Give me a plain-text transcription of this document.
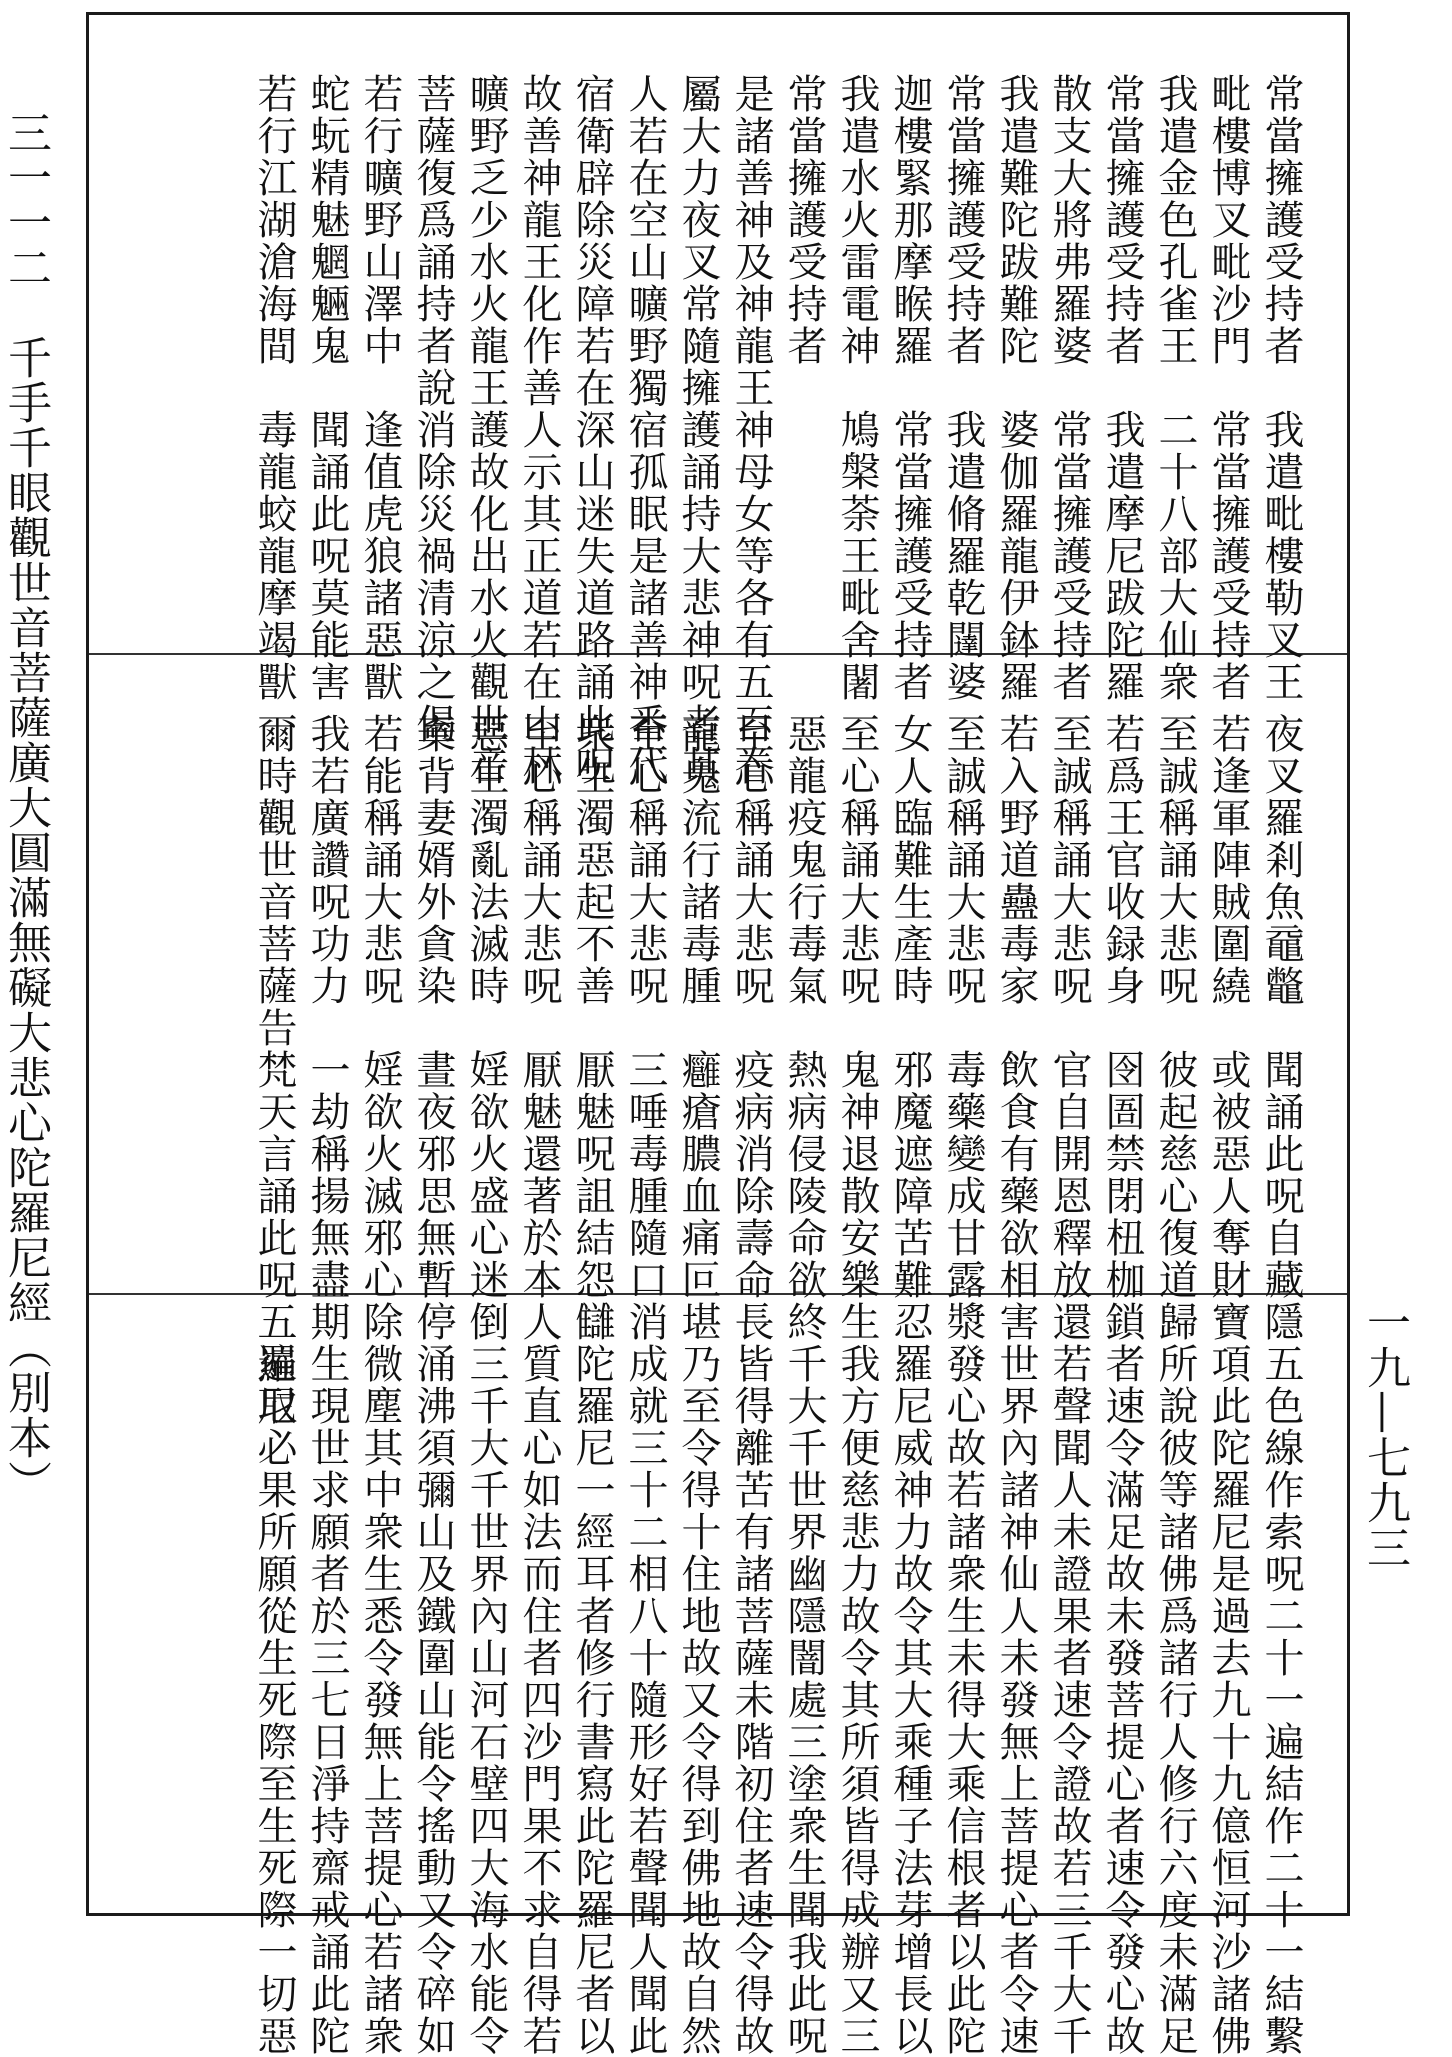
三一一二　千手千眼觀世音菩薩廣大圓滿無礙大悲心陀羅尼經（別本）	一九—七九三
常當擁護受持者　我遣毗樓勒叉王
毗樓博叉毗沙門　常當擁護受持者
我遣金色孔雀王　二十八部大仙衆
常當擁護受持者　我遣摩尼跋陀羅
散支大將弗羅婆　常當擁護受持者
我遣難陀跋難陀　婆伽羅龍伊鉢羅
常當擁護受持者　我遣脩羅乾闥婆
迦樓緊那摩睺羅　常當擁護受持者
我遣水火雷電神　鳩槃荼王毗舍闍
常當擁護受持者
是諸善神及神龍王神母女等各有五百眷
屬大力夜叉常隨擁護誦持大悲神呪者其
人若在空山曠野獨宿孤眠是諸善神番代
宿衛辟除災障若在深山迷失道路誦此呪
故善神龍王化作善人示其正道若在山林
曠野乏少水火龍王護故化出水火觀世音
菩薩復爲誦持者說消除災禍清涼之偈
若行曠野山澤中　逢值虎狼諸惡獸
蛇蚖精魅魍魎鬼　聞誦此呪莫能害
若行江湖滄海間　毒龍蛟龍摩竭獸
夜叉羅剎魚黿鼈　聞誦此呪自藏隱
若逢軍陣賊圍繞　或被惡人奪財寶
至誠稱誦大悲呪　彼起慈心復道歸
若爲王官收録身　囹圄禁閉杻枷鎖
至誠稱誦大悲呪　官自開恩釋放還
若入野道蠱毒家　飲食有藥欲相害
至誠稱誦大悲呪　毒藥變成甘露漿
女人臨難生產時　邪魔遮障苦難忍
至心稱誦大悲呪　鬼神退散安樂生
惡龍疫鬼行毒氣　熱病侵陵命欲終
至心稱誦大悲呪　疫病消除壽命長
龍鬼流行諸毒腫　癰瘡膿血痛叵堪
至心稱誦大悲呪　三唾毒腫隨口消
衆生濁惡起不善　厭魅呪詛結怨讎
至心稱誦大悲呪　厭魅還著於本人
惡生濁亂法滅時　婬欲火盛心迷倒
棄背妻婿外貪染　晝夜邪思無暫停
若能稱誦大悲呪　婬欲火滅邪心除
我若廣讚呪功力　一劫稱揚無盡期
爾時觀世音菩薩告梵天言誦此呪五遍取
五色線作索呪二十一遍結作二十一結繫
項此陀羅尼是過去九十九億恒河沙諸佛
所說彼等諸佛爲諸行人修行六度未滿足
者速令滿足故未發菩提心者速令發心故
若聲聞人未證果者速令證故若三千大千
世界內諸神仙人未發無上菩提心者令速
發心故若諸衆生未得大乘信根者以此陀
羅尼威神力故令其大乘種子法芽增長以
我方便慈悲力故令其所須皆得成辦又三
千大千世界幽隱闇處三塗衆生聞我此呪
皆得離苦有諸菩薩未階初住者速令得故
乃至令得十住地故又令得到佛地故自然
成就三十二相八十隨形好若聲聞人聞此
陀羅尼一經耳者修行書寫此陀羅尼者以
質直心如法而住者四沙門果不求自得若
三千大千世界內山河石壁四大海水能令
涌沸須彌山及鐵圍山能令搖動又令碎如
微塵其中衆生悉令發無上菩提心若諸衆
生現世求願者於三七日淨持齋戒誦此陀
羅尼必果所願從生死際至生死際一切惡
